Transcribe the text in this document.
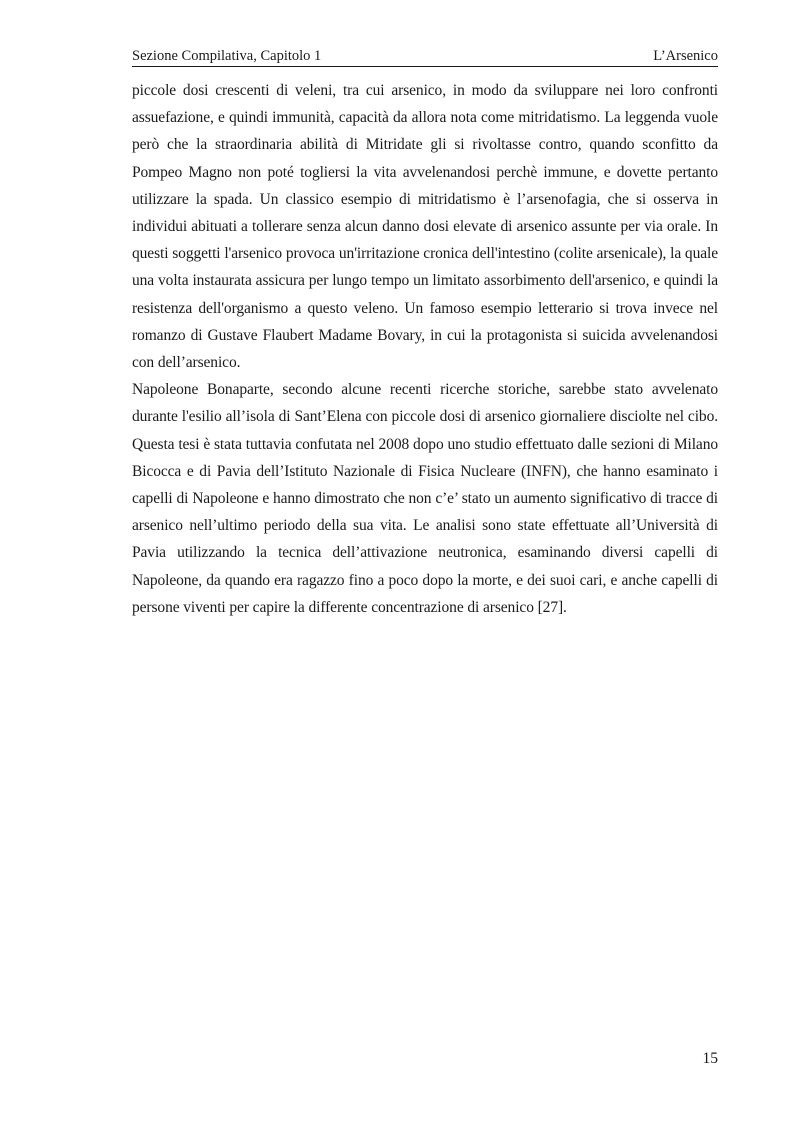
Sezione Compilativa, Capitolo 1	L’Arsenico

piccole dosi crescenti di veleni, tra cui arsenico, in modo da sviluppare nei loro confronti assuefazione, e quindi immunità, capacità da allora nota come mitridatismo. La leggenda vuole però che la straordinaria abilità di Mitridate gli si rivoltasse contro, quando sconfitto da Pompeo Magno non poté togliersi la vita avvelenandosi perchè immune, e dovette pertanto utilizzare la spada. Un classico esempio di mitridatismo è l’arsenofagia, che si osserva in individui abituati a tollerare senza alcun danno dosi elevate di arsenico assunte per via orale. In questi soggetti l'arsenico provoca un'irritazione cronica dell'intestino (colite arsenicale), la quale una volta instaurata assicura per lungo tempo un limitato assorbimento dell'arsenico, e quindi la resistenza dell'organismo a questo veleno. Un famoso esempio letterario si trova invece nel romanzo di Gustave Flaubert Madame Bovary, in cui la protagonista si suicida avvelenandosi con dell’arsenico.

Napoleone Bonaparte, secondo alcune recenti ricerche storiche, sarebbe stato avvelenato durante l'esilio all’isola di Sant’Elena con piccole dosi di arsenico giornaliere disciolte nel cibo. Questa tesi è stata tuttavia confutata nel 2008 dopo uno studio effettuato dalle sezioni di Milano Bicocca e di Pavia dell’Istituto Nazionale di Fisica Nucleare (INFN), che hanno esaminato i capelli di Napoleone e hanno dimostrato che non c’e’ stato un aumento significativo di tracce di arsenico nell’ultimo periodo della sua vita. Le analisi sono state effettuate all’Università di Pavia utilizzando la tecnica dell’attivazione neutronica, esaminando diversi capelli di Napoleone, da quando era ragazzo fino a poco dopo la morte, e dei suoi cari, e anche capelli di persone viventi per capire la differente concentrazione di arsenico [27].

15
